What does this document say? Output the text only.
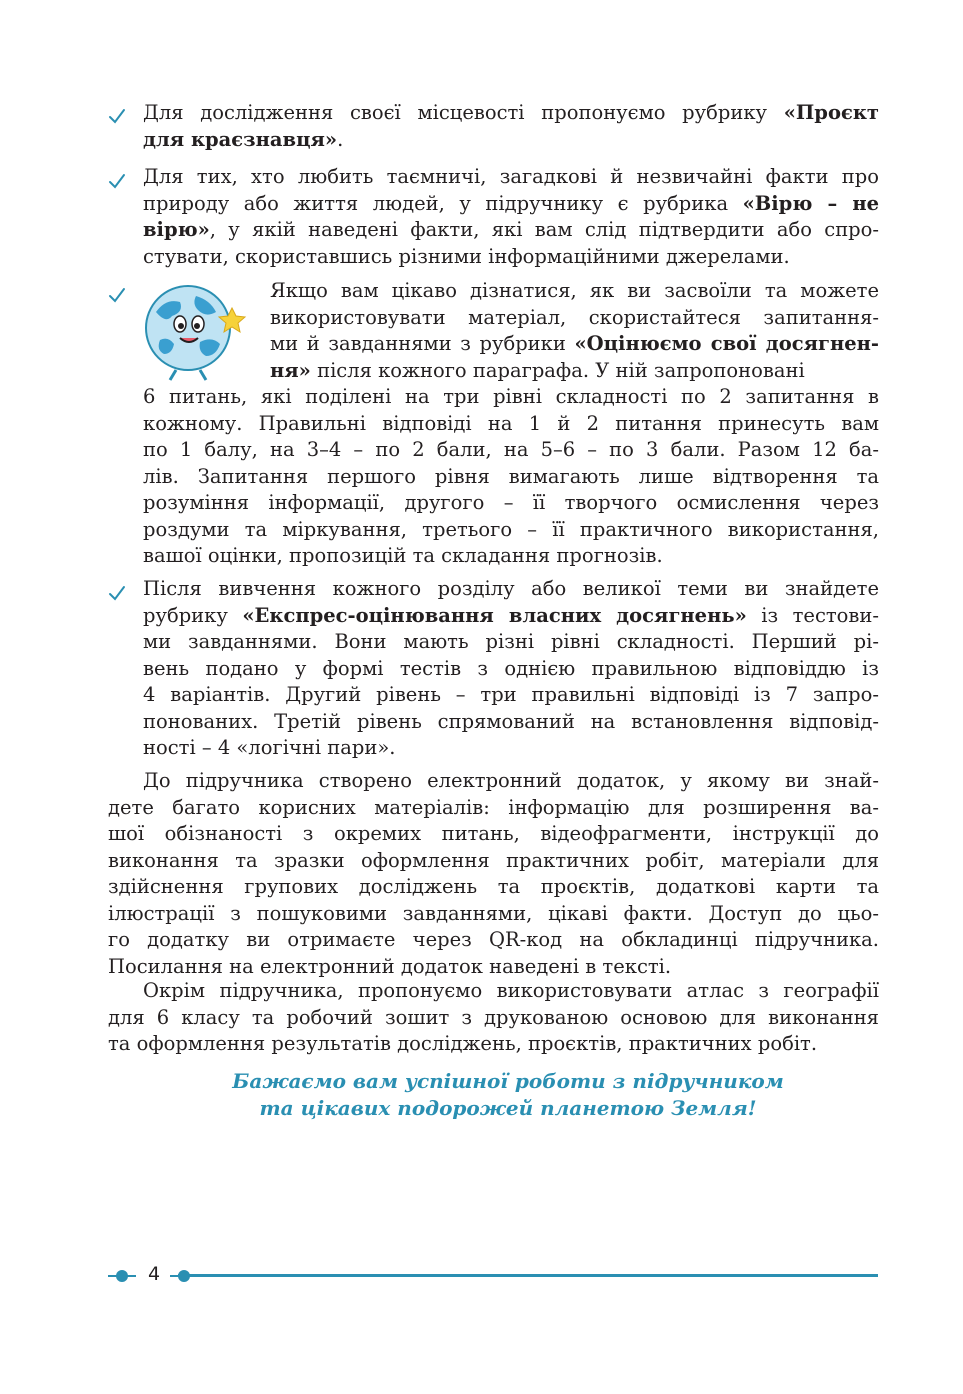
Для дослідження своєї місцевості пропонуємо рубрику «Проєкт
для краєзнавця».
Для тих, хто любить таємничі, загадкові й незвичайні факти про
природу або життя людей, у підручнику є рубрика «Вірю – не
вірю», у якій наведені факти, які вам слід підтвердити або спро-
стувати, скориставшись різними інформаційними джерелами.
Якщо вам цікаво дізнатися, як ви засвоїли та можете
використовувати матеріал, скористайтеся запитання-
ми й завданнями з рубрики «Оцінюємо свої досягнен-
ня» після кожного параграфа. У ній запропоновані
6 питань, які поділені на три рівні складності по 2 запитання в
кожному. Правильні відповіді на 1 й 2 питання принесуть вам
по 1 балу, на 3–4 – по 2 бали, на 5–6 – по 3 бали. Разом 12 ба-
лів. Запитання першого рівня вимагають лише відтворення та
розуміння інформації, другого – її творчого осмислення через
роздуми та міркування, третього – її практичного використання,
вашої оцінки, пропозицій та складання прогнозів.
Після вивчення кожного розділу або великої теми ви знайдете
рубрику «Експрес-оцінювання власних досягнень» із тестови-
ми завданнями. Вони мають різні рівні складності. Перший рі-
вень подано у формі тестів з однією правильною відповіддю із
4 варіантів. Другий рівень – три правильні відповіді із 7 запро-
понованих. Третій рівень спрямований на встановлення відповід-
ності – 4 «логічні пари».
До підручника створено електронний додаток, у якому ви знай-
дете багато корисних матеріалів: інформацію для розширення ва-
шої обізнаності з окремих питань, відеофрагменти, інструкції до
виконання та зразки оформлення практичних робіт, матеріали для
здійснення групових досліджень та проєктів, додаткові карти та
ілюстрації з пошуковими завданнями, цікаві факти. Доступ до цьо-
го додатку ви отримаєте через QR-код на обкладинці підручника.
Посилання на електронний додаток наведені в тексті.
Окрім підручника, пропонуємо використовувати атлас з географії
для 6 класу та робочий зошит з друкованою основою для виконання
та оформлення результатів досліджень, проєктів, практичних робіт.
Бажаємо вам успішної роботи з підручником
та цікавих подорожей планетою Земля!
4
